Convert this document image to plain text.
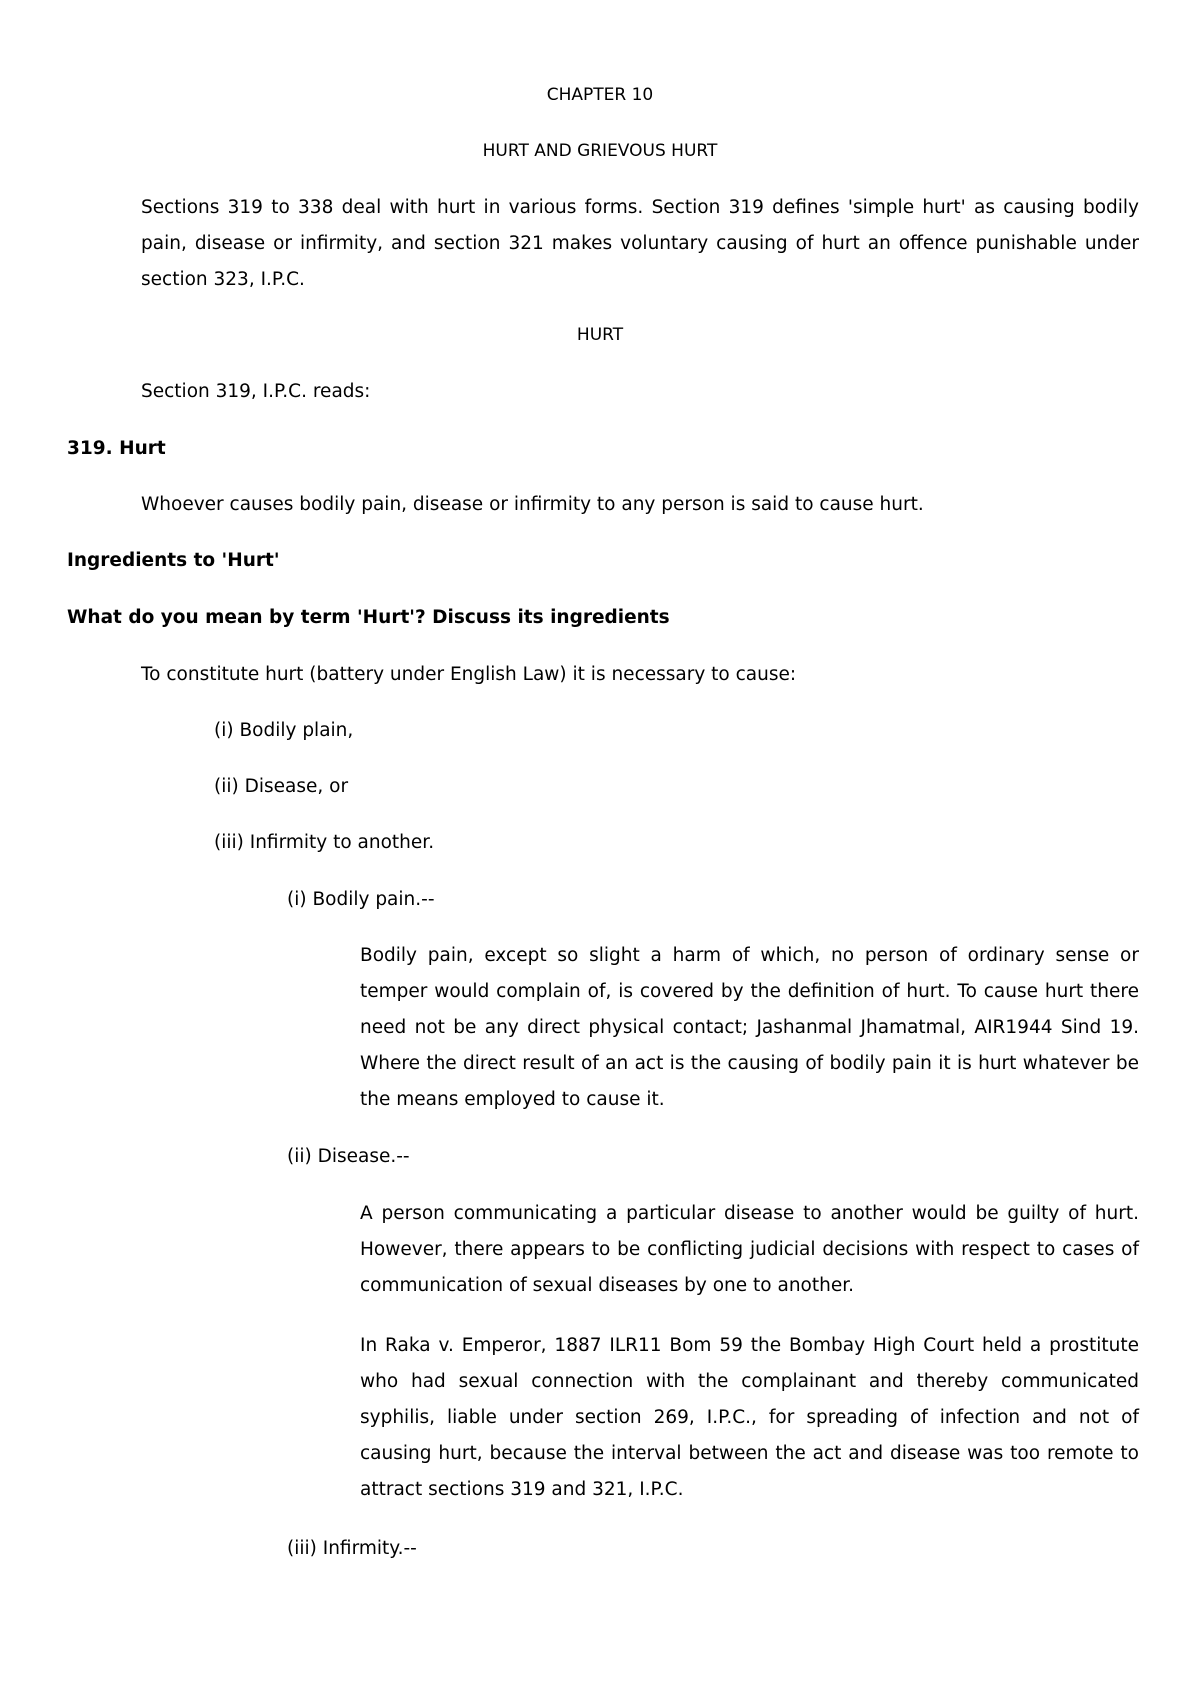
CHAPTER 10

HURT AND GRIEVOUS HURT

Sections 319 to 338 deal with hurt in various forms. Section 319 defines 'simple hurt' as causing bodily pain, disease or infirmity, and section 321 makes voluntary causing of hurt an offence punishable under section 323, I.P.C.

HURT

Section 319, I.P.C. reads:

319. Hurt

Whoever causes bodily pain, disease or infirmity to any person is said to cause hurt.

Ingredients to 'Hurt'

What do you mean by term 'Hurt'? Discuss its ingredients

To constitute hurt (battery under English Law) it is necessary to cause:

(i) Bodily plain,

(ii) Disease, or

(iii) Infirmity to another.

(i) Bodily pain.--

Bodily pain, except so slight a harm of which, no person of ordinary sense or temper would complain of, is covered by the definition of hurt. To cause hurt there need not be any direct physical contact; Jashanmal Jhamatmal, AIR1944 Sind 19. Where the direct result of an act is the causing of bodily pain it is hurt whatever be the means employed to cause it.

(ii) Disease.--

A person communicating a particular disease to another would be guilty of hurt. However, there appears to be conflicting judicial decisions with respect to cases of communication of sexual diseases by one to another.

In Raka v. Emperor, 1887 ILR11 Bom 59 the Bombay High Court held a prostitute who had sexual connection with the complainant and thereby communicated syphilis, liable under section 269, I.P.C., for spreading of infection and not of causing hurt, because the interval between the act and disease was too remote to attract sections 319 and 321, I.P.C.

(iii) Infirmity.--
